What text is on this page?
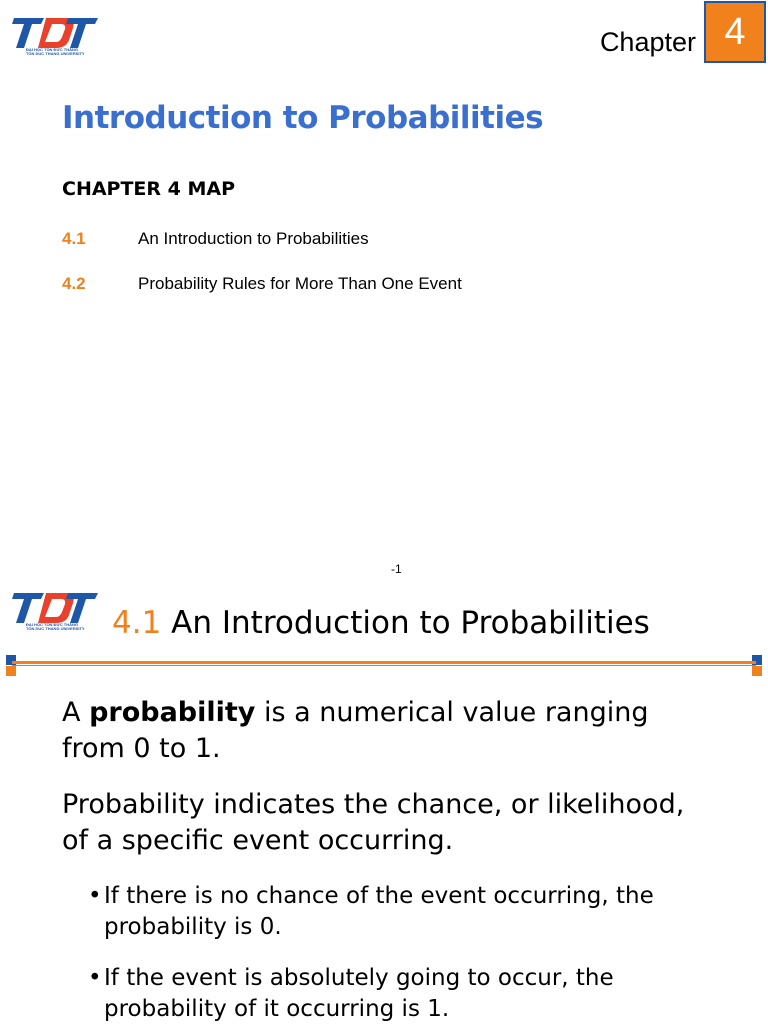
ĐẠI HỌC TÔN ĐỨC THẮNG
TON DUC THANG UNIVERSITY	Chapter 4
Introduction to Probabilities
CHAPTER 4 MAP
4.1	An Introduction to Probabilities
4.2	Probability Rules for More Than One Event
-1
ĐẠI HỌC TÔN ĐỨC THẮNG
TON DUC THANG UNIVERSITY 4.1 An Introduction to Probabilities
A probability is a numerical value ranging from 0 to 1.
Probability indicates the chance, or likelihood, of a specific event occurring.
• If there is no chance of the event occurring, the probability is 0.
• If the event is absolutely going to occur, the probability of it occurring is 1.
